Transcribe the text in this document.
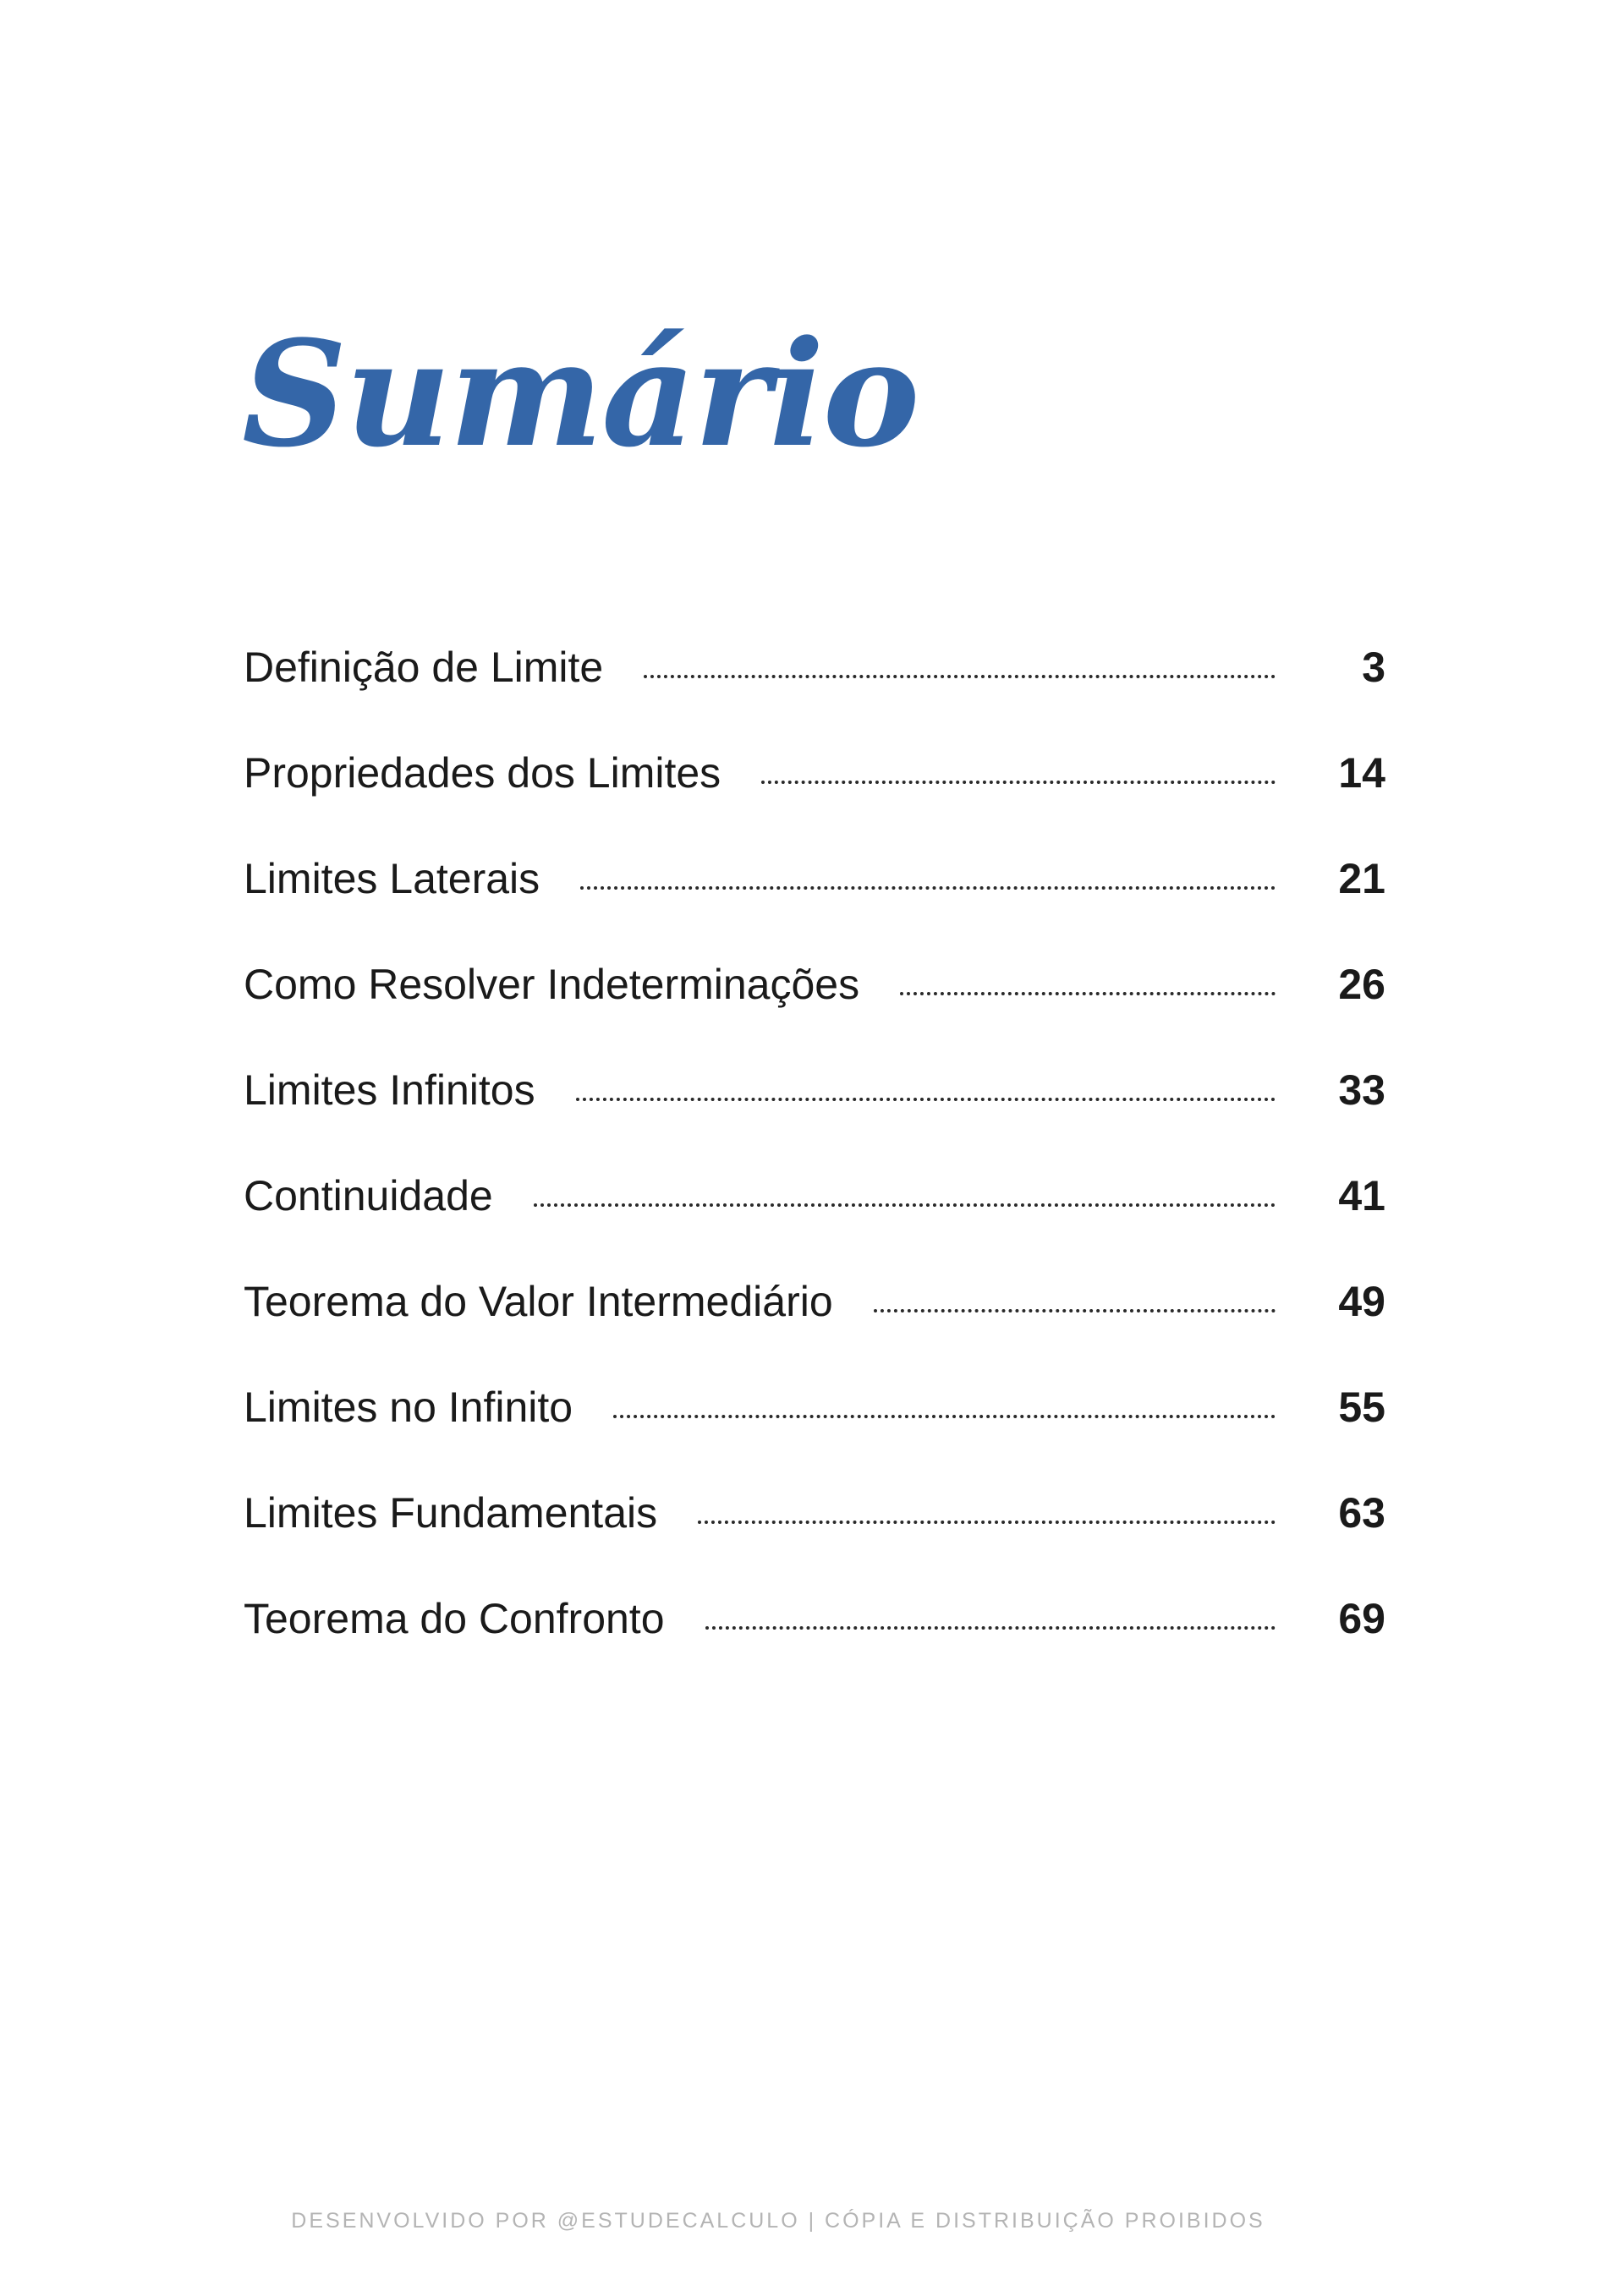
Sumário
Definição de Limite	3
Propriedades dos Limites	14
Limites Laterais	21
Como Resolver Indeterminações	26
Limites Infinitos	33
Continuidade	41
Teorema do Valor Intermediário	49
Limites no Infinito	55
Limites Fundamentais	63
Teorema do Confronto	69
DESENVOLVIDO POR @ESTUDECALCULO | CÓPIA E DISTRIBUIÇÃO PROIBIDOS
